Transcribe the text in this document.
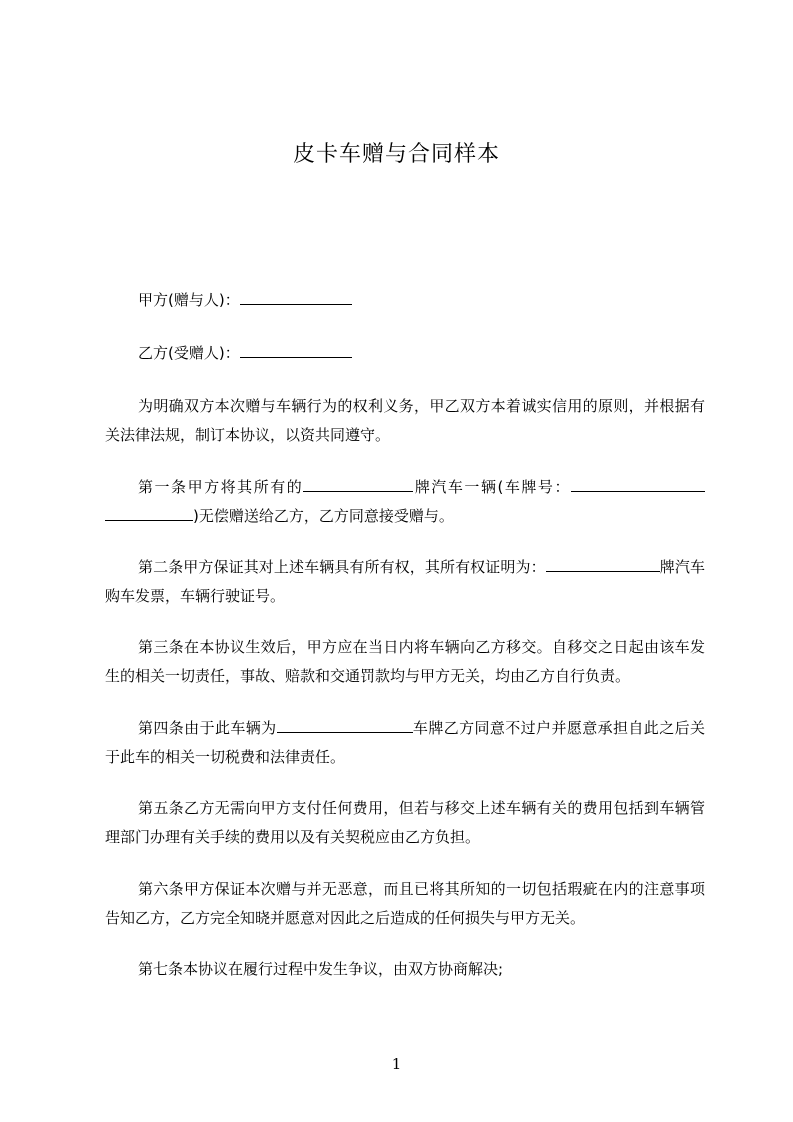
皮卡车赠与合同样本
甲方(赠与人)：
乙方(受赠人)：
为明确双方本次赠与车辆行为的权利义务，甲乙双方本着诚实信用的原则，并根据有关法律法规，制订本协议，以资共同遵守。
第一条甲方将其所有的	牌汽车一辆(车牌号：)无偿赠送给乙方，乙方同意接受赠与。
第二条甲方保证其对上述车辆具有所有权，其所有权证明为：	牌汽车购车发票，车辆行驶证号。
第三条在本协议生效后，甲方应在当日内将车辆向乙方移交。自移交之日起由该车发生的相关一切责任，事故、赔款和交通罚款均与甲方无关，均由乙方自行负责。
第四条由于此车辆为	车牌乙方同意不过户并愿意承担自此之后关于此车的相关一切税费和法律责任。
第五条乙方无需向甲方支付任何费用，但若与移交上述车辆有关的费用包括到车辆管理部门办理有关手续的费用以及有关契税应由乙方负担。
第六条甲方保证本次赠与并无恶意，而且已将其所知的一切包括瑕疵在内的注意事项告知乙方，乙方完全知晓并愿意对因此之后造成的任何损失与甲方无关。
第七条本协议在履行过程中发生争议，由双方协商解决;
1
